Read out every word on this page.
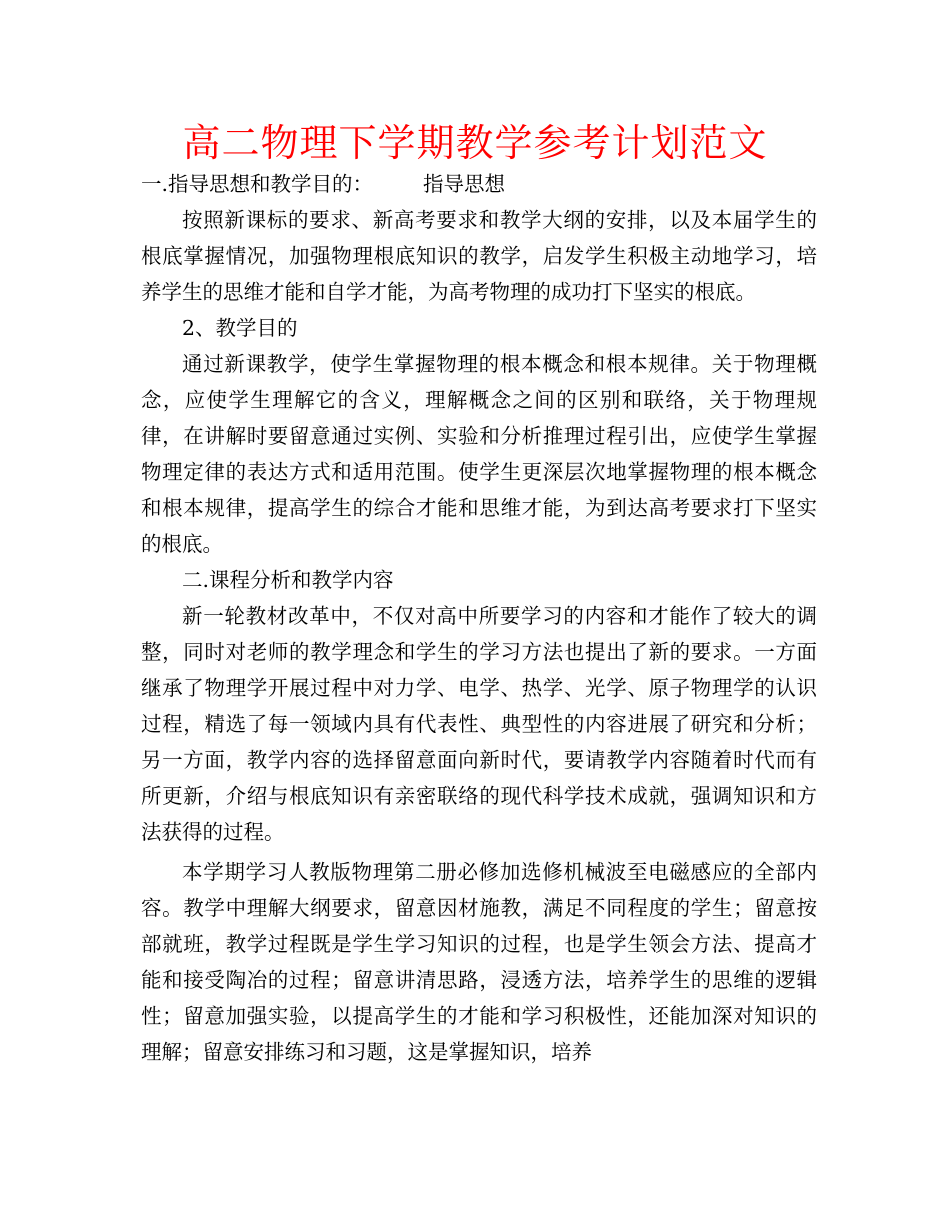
高二物理下学期教学参考计划范文

一.指导思想和教学目的： 指导思想

按照新课标的要求、新高考要求和教学大纲的安排，以及本届学生的根底掌握情况，加强物理根底知识的教学，启发学生积极主动地学习，培养学生的思维才能和自学才能，为高考物理的成功打下坚实的根底。

2、教学目的

通过新课教学，使学生掌握物理的根本概念和根本规律。关于物理概念，应使学生理解它的含义，理解概念之间的区别和联络，关于物理规律，在讲解时要留意通过实例、实验和分析推理过程引出，应使学生掌握物理定律的表达方式和适用范围。使学生更深层次地掌握物理的根本概念和根本规律，提高学生的综合才能和思维才能，为到达高考要求打下坚实的根底。

二.课程分析和教学内容

新一轮教材改革中，不仅对高中所要学习的内容和才能作了较大的调整，同时对老师的教学理念和学生的学习方法也提出了新的要求。一方面继承了物理学开展过程中对力学、电学、热学、光学、原子物理学的认识过程，精选了每一领域内具有代表性、典型性的内容进展了研究和分析；另一方面，教学内容的选择留意面向新时代，要请教学内容随着时代而有所更新，介绍与根底知识有亲密联络的现代科学技术成就，强调知识和方法获得的过程。

本学期学习人教版物理第二册必修加选修机械波至电磁感应的全部内容。教学中理解大纲要求，留意因材施教，满足不同程度的学生；留意按部就班，教学过程既是学生学习知识的过程，也是学生领会方法、提高才能和接受陶冶的过程；留意讲清思路，浸透方法，培养学生的思维的逻辑性；留意加强实验，以提高学生的才能和学习积极性，还能加深对知识的理解；留意安排练习和习题，这是掌握知识，培养
